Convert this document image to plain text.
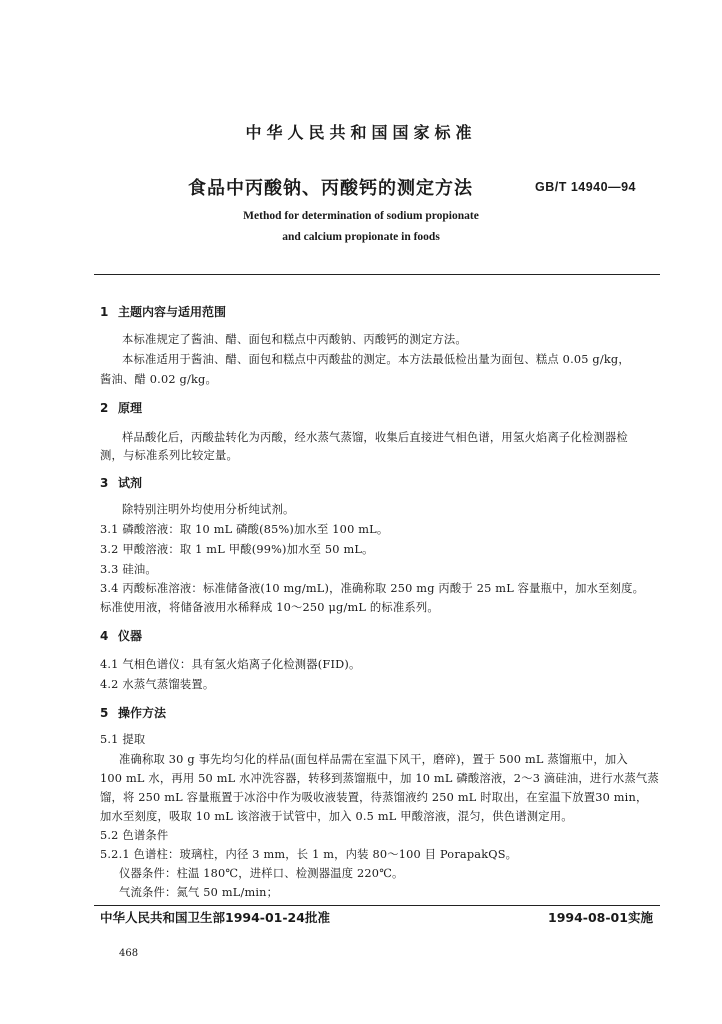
中华人民共和国国家标准
食品中丙酸钠、丙酸钙的测定方法	GB/T 14940—94
Method for determination of sodium propionate
and calcium propionate in foods
1 主题内容与适用范围
本标准规定了酱油、醋、面包和糕点中丙酸钠、丙酸钙的测定方法。
本标准适用于酱油、醋、面包和糕点中丙酸盐的测定。本方法最低检出量为面包、糕点 0.05 g/kg，
酱油、醋 0.02 g/kg。
2 原理
样品酸化后，丙酸盐转化为丙酸，经水蒸气蒸馏，收集后直接进气相色谱，用氢火焰离子化检测器检
测，与标准系列比较定量。
3 试剂
除特别注明外均使用分析纯试剂。
3.1 磷酸溶液：取 10 mL 磷酸(85%)加水至 100 mL。
3.2 甲酸溶液：取 1 mL 甲酸(99%)加水至 50 mL。
3.3 硅油。
3.4 丙酸标准溶液：标准储备液(10 mg/mL)，准确称取 250 mg 丙酸于 25 mL 容量瓶中，加水至刻度。
标准使用液，将储备液用水稀释成 10～250 μg/mL 的标准系列。
4 仪器
4.1 气相色谱仪：具有氢火焰离子化检测器(FID)。
4.2 水蒸气蒸馏装置。
5 操作方法
5.1 提取
准确称取 30 g 事先均匀化的样品(面包样品需在室温下风干，磨碎)，置于 500 mL 蒸馏瓶中，加入
100 mL 水，再用 50 mL 水冲洗容器，转移到蒸馏瓶中，加 10 mL 磷酸溶液，2～3 滴硅油，进行水蒸气蒸
馏，将 250 mL 容量瓶置于冰浴中作为吸收液装置，待蒸馏液约 250 mL 时取出，在室温下放置30 min，
加水至刻度，吸取 10 mL 该溶液于试管中，加入 0.5 mL 甲酸溶液，混匀，供色谱测定用。
5.2 色谱条件
5.2.1 色谱柱：玻璃柱，内径 3 mm，长 1 m，内装 80～100 目 PorapakQS。
仪器条件：柱温 180℃，进样口、检测器温度 220℃。
气流条件：氮气 50 mL/min；
中华人民共和国卫生部1994-01-24批准	1994-08-01实施
468
